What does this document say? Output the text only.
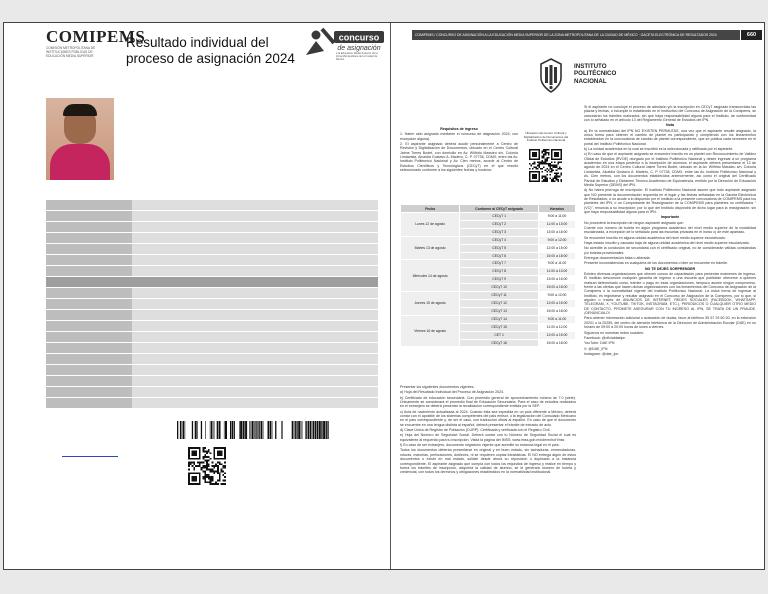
COMIPEMS
COMISIÓN METROPOLITANA DE INSTITUCIONES PÚBLICAS DE EDUCACIÓN MEDIA SUPERIOR
Resultado individual del proceso de asignación 2024
concurso
de asignación
a la Educación Media Superior de la Zona Metropolitana de la Ciudad de México
COMIPEMS / CONCURSO DE ASIGNACIÓN A LA EDUCACIÓN MEDIA SUPERIOR DE LA ZONA METROPOLITANA DE LA CIUDAD DE MÉXICO · GACETA ELECTRÓNICA DE RESULTADOS 2024	660
INSTITUTO
POLITÉCNICO
NACIONAL

Requisitos de ingreso

1. Haber sido asignado mediante el concurso de asignación 2024, con excepción alguna).

2. El aspirante asignado deberá acudir personalmente a Centro de Revisión y Digitalización de Documentos, ubicado en el Centro Cultural Jaime Torres Bodet, con domicilio en Av. Wilfrido Massieu s/n, Colonia Lindavista, Alcaldía Gustavo A. Madero, C. P. 07738, CDMX, entre las Av. Instituto Politécnico Nacional y Av. Cien metros, acorde al Centro de Estudios Científicos y Tecnológicos (CECyT) en el que resultó seleccionado conforme a los siguientes fechas y horarios:

Ubicación del Centro Cultural y Digitalización de Documentos del Instituto Politécnico Nacional
Fecha	Conforme al CECyT asignado	Horarios
Lunes 12 de agosto	CECyT 1	9:00 a 11:00
	CECyT 2	11:00 a 13:00
	CECyT 3	13:00 a 16:00
Martes 13 de agosto	CECyT 4	9:00 a 12:00
	CECyT 5	12:00 a 15:00
	CECyT 6	15:00 a 18:00
Miércoles 14 de agosto	CECyT 7	9:00 a 11:00
	CECyT 8	11:00 a 13:00
	CECyT 9	13:00 a 15:00
	CECyT 10	15:00 a 18:00
Jueves 15 de agosto	CECyT 11	9:00 a 12:00
	CECyT 12	12:00 a 15:00
	CECyT 13	15:00 a 18:00
Viernes 16 de agosto	CECyT 14	9:00 a 11:00
	CECyT 15	11:00 a 12:00
	CET 1	12:00 a 15:00
	CECyT 16	15:00 a 18:00

Presentar los siguientes documentos vigentes:

a) Hoja del Resultado Individual del Proceso de Asignación 2024.

b) Certificado de educación secundaria. Con promedio general de aprovechamiento mínimo de 7.0 (siete). Únicamente se considerará el promedio final de Educación Secundaria. Para el caso de estudios realizados en el extranjero se deberá presentar la revalidación correspondiente emitida por la SEP.

c) Acta de nacimiento actualizada al 2024. Cuando ésta sea expedida en un país diferente a México, deberá contar con el apostille de los sistemas competentes del país emisor, o la legalización del Consulado Mexicano en el país correspondiente y, de ser el caso, con traducción oficial al español. En caso de que el documento se encuentre en una lengua distinta al español, deberá presentar el trámite de extracto de acto.

d) Clave Única de Registro de Población (CURP). Certificada y verificada con el Registro Civil.

e) Hoja del Número de Seguridad Social. Deberá contar con tu Número de Seguridad Social el cual es equivalente al requerido para tu inscripción. Visita la página del IMSS: www.imss.gob.mx/derechoH/nss

f) En caso de ser extranjero, documento migratorio vigente que acredite su estancia legal en el país.

Todos los documentos deberán presentarse en original y en buen estado, sin tachaduras, enmendaduras, roturas, manchas, perforaciones, dobleces, ni se requieren copias fotostáticas. El NO entrega algún de estos documentos o existir en mal estado, solicite desde ahora su reposición o duplicado a la instancia correspondiente. El aspirante asignado que cumpla con todos los requisitos de ingreso y realice en tiempo y forma los trámites de inscripción, adquirirá la calidad de alumno, se le generará número de boleta y credencial, con todos los derechos y obligaciones establecidos en la normatividad institucional.

Si el aspirante no concluye el proceso de admisión y/o la inscripción en CECyT asignado transcurridas las plazas y fechas, o incumple lo establecido en el Instructivo del Concurso de Asignación de la Comipems, se cancelarán los trámites realizados, sin que haya responsabilidad alguna para el Instituto, de conformidad con lo señalado en el artículo 13 del Reglamento General de Estudios del IPN.

Nota

a) En la normatividad del IPN NO EXISTEN PERMUTAS, una vez que el aspirante resulte asignado, la única forma para obtener el cambio de plantel es participando y cumpliendo con los lineamientos establecidos en la convocatoria de cambio de plantel correspondiente, que se publica cada semestre en el portal del Instituto Politécnico Nacional.

b) La unidad académica en la cual se inscribió es la seleccionada y ratificada por el aspirante.

c) En caso de que el aspirante asignado se encuentre inscrito en un plantel con Reconocimiento de Validez Oficial de Estudios (RVOE) otorgado por el Instituto Politécnico Nacional y desee ingresar a un programa académico en una etapa posterior a la inscripción de alumnos, el aspirante deberá presentarse el 13 de agosto de 2024 en el Centro Cultural Jaime Torres Bodet, ubicado en la Av. Wilfrido Massieu s/n, Colonia Lindavista, Alcaldía Gustavo A. Madero, C. P. 07738, CDMX, entre las Av. Instituto Politécnico Nacional y Av. Cien metros, con los documentos establecidos anteriormente, así como el original del Certificado Parcial de Estudios y Dictamen Técnico Académico de Equivalencia, emitido por la Dirección de Educación Media Superior (DEMS) del IPN.

d) No habrá prórroga de inscripción. El Instituto Politécnico Nacional asume que todo aspirante asignado que NO presente la documentación requerida en el lugar y las fechas señaladas en la Gaceta Electrónica de Resultados; o no acude a lo dispuesto por el Instituto a la presente convocatoria de COMIPEMS para los planteles del IPN, o un Comprobante de Reasignación de la COMIPEMS para planteles no certificados "(VC)", renuncia a su inscripción; por lo que del Instituto dispondrá de dicho lugar para la reasignación; sin que haya responsabilidad alguna para el IPN.

Importante

No procederá la inscripción de ningún aspirante asignado que:

Cuente con número de boleta en algún programa académico del nivel medio superior de la modalidad escolarizada, a excepción de lo señalado para las escuelas privadas en el inciso c) de este apartado.

Se encuentre inscrito en alguna unidad académica del nivel medio superior escolarizado.

Haya estado inscrito y causado baja de alguna unidad académica del nivel medio superior escolarizado.

No acredite la conclusión de secundaria con el certificado original, no se considerarán válidas constancias y/o boletas provisionales.

Entregue documentación falsa o alterada.

Presente inconsistencias en cualquiera de los documentos o bien se encuentre en trámite.

NO TE DEJES SORPRENDER

Existen diversas organizaciones que ofrecen cursos de capacitación para presentar exámenes de ingreso. El Instituto desconoce cualquier garantía de ingreso a una escuela que publicitan ofrecerse a quienes realizan determinado curso, trámite o pago en esas organizaciones, tampoco asume ningún compromiso, frente a las ofertas que hacen dichas organizaciones con los lineamientos del Concurso de Asignación de la Comipems o la normatividad vigente del Instituto Politécnico Nacional. La única forma de ingresar al Instituto, es registrarse y resultar asignado en el Concurso de Asignación de la Comipems, por lo que, si alguien o través de ANUNCIOS DE INTERNET, REDES SOCIALES (FACEBOOK, WHATSAPP, TELEGRAM, X, YOUTUBE, TIKTOK, INSTAGRAM, ETC.), PERIÓDICOS O CUALQUIER OTRO MEDIO DE CONTACTO, PROMETE ASEGURAR CON TU INGRESO AL IPN, SE TRATA DE UN FRAUDE. ¡DENÚNCIALO!

Para obtener información adicional o aclaración de dudas, favor al teléfono 55 57 29 60 00, en la extensión 20201 o la 20255, del centro de atención telefónica de la Dirección de Administración Escolar (DAE) en un horario de 09:00 a 20:00 horas de lunes a viernes.

Síguenos en nuestras redes sociales:

Facebook: @oficialdaeipn

YouTube: DAE IPN

X: @DAE_IPN

Instagram: @dae_ipn
